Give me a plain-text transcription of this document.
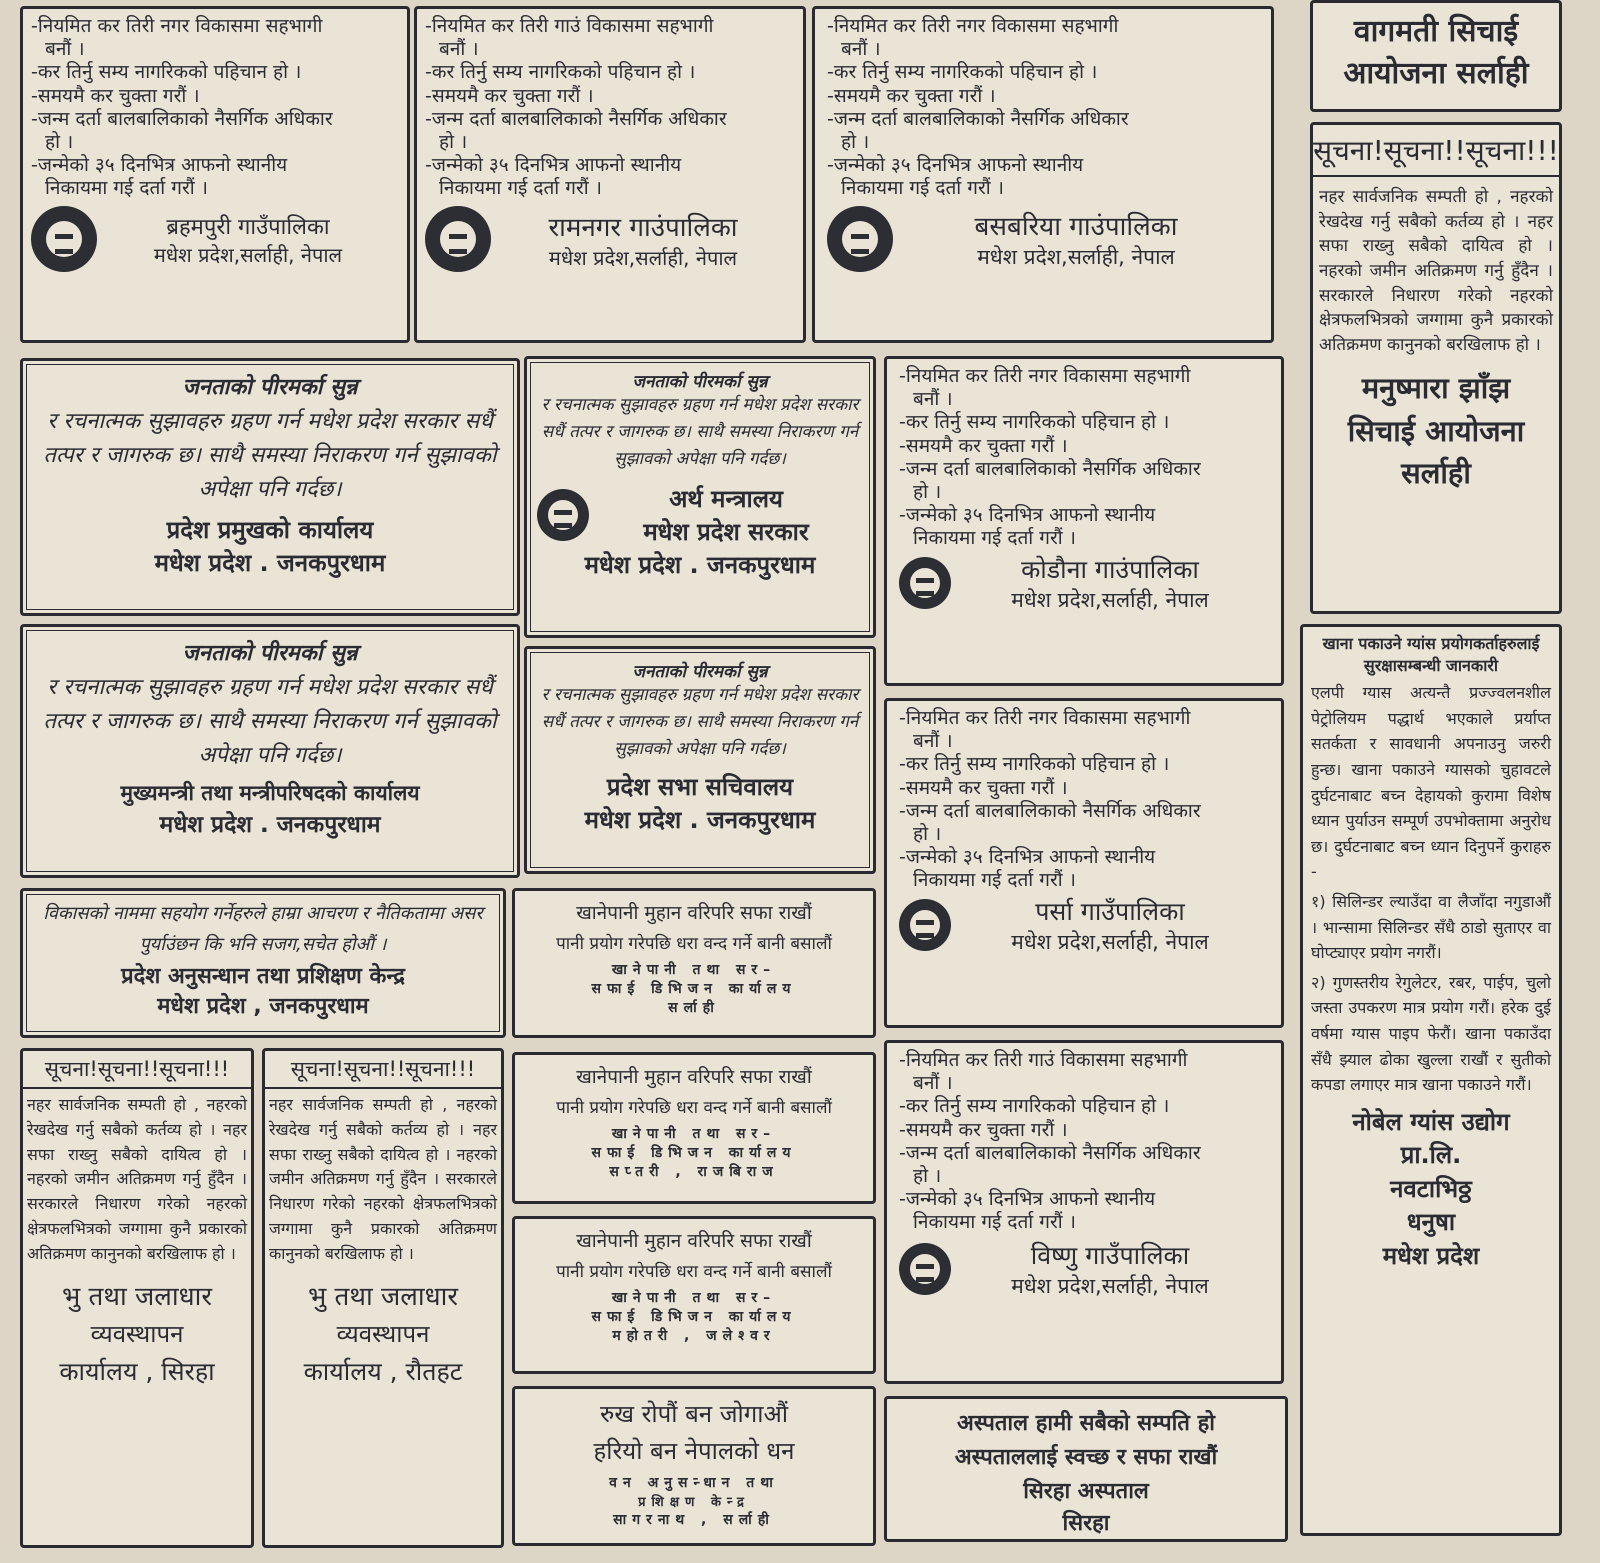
-नियमित कर तिरी नगर विकासमा सहभागी
बनौं ।
-कर तिर्नु सम्य नागरिकको पहिचान हो ।
-समयमै कर चुक्ता गरौं ।
-जन्म दर्ता बालबालिकाको नैसर्गिक अधिकार
हो ।
-जन्मेको ३५ दिनभित्र आफनो स्थानीय
निकायमा गई दर्ता गरौं ।
ब्रहमपुरी गाउँपालिका
मधेश प्रदेश,सर्लाही, नेपाल
-नियमित कर तिरी गाउं विकासमा सहभागी
बनौं ।
-कर तिर्नु सम्य नागरिकको पहिचान हो ।
-समयमै कर चुक्ता गरौं ।
-जन्म दर्ता बालबालिकाको नैसर्गिक अधिकार
हो ।
-जन्मेको ३५ दिनभित्र आफनो स्थानीय
निकायमा गई दर्ता गरौं ।
रामनगर गाउंपालिका
मधेश प्रदेश,सर्लाही, नेपाल
-नियमित कर तिरी नगर विकासमा सहभागी
बनौं ।
-कर तिर्नु सम्य नागरिकको पहिचान हो ।
-समयमै कर चुक्ता गरौं ।
-जन्म दर्ता बालबालिकाको नैसर्गिक अधिकार
हो ।
-जन्मेको ३५ दिनभित्र आफनो स्थानीय
निकायमा गई दर्ता गरौं ।
बसबरिया गाउंपालिका
मधेश प्रदेश,सर्लाही, नेपाल
वागमती सिचाई
आयोजना सर्लाही
सूचना!सूचना!!सूचना!!!
नहर सार्वजनिक सम्पती हो , नहरको रेखदेख गर्नु सबैको कर्तव्य हो । नहर सफा राख्नु सबैको दायित्व हो । नहरको जमीन अतिक्रमण गर्नु हुँदैन । सरकारले निधारण गरेको नहरको क्षेत्रफलभित्रको जग्गामा कुनै प्रकारको अतिक्रमण कानुनको बरखिलाफ हो ।
मनुष्मारा झाँझ
सिचाई आयोजना
सर्लाही
जनताको पीरमर्का सुन्न
र रचनात्मक सुझावहरु ग्रहण गर्न मधेश प्रदेश सरकार सधैं तत्पर र जागरुक छ। साथै समस्या निराकरण गर्न सुझावको अपेक्षा पनि गर्दछ।
प्रदेश प्रमुखको कार्यालय
मधेश प्रदेश . जनकपुरधाम
जनताको पीरमर्का सुन्न
र रचनात्मक सुझावहरु ग्रहण गर्न मधेश प्रदेश सरकार सधैं तत्पर र जागरुक छ। साथै समस्या निराकरण गर्न सुझावको अपेक्षा पनि गर्दछ।
अर्थ मन्त्रालय
मधेश प्रदेश सरकार
मधेश प्रदेश . जनकपुरधाम
-नियमित कर तिरी नगर विकासमा सहभागी
बनौं ।
-कर तिर्नु सम्य नागरिकको पहिचान हो ।
-समयमै कर चुक्ता गरौं ।
-जन्म दर्ता बालबालिकाको नैसर्गिक अधिकार
हो ।
-जन्मेको ३५ दिनभित्र आफनो स्थानीय
निकायमा गई दर्ता गरौं ।
कोडौना गाउंपालिका
मधेश प्रदेश,सर्लाही, नेपाल
जनताको पीरमर्का सुन्न
र रचनात्मक सुझावहरु ग्रहण गर्न मधेश प्रदेश सरकार सधैं तत्पर र जागरुक छ। साथै समस्या निराकरण गर्न सुझावको अपेक्षा पनि गर्दछ।
मुख्यमन्त्री तथा मन्त्रीपरिषदको कार्यालय
मधेश प्रदेश . जनकपुरधाम
जनताको पीरमर्का सुन्न
र रचनात्मक सुझावहरु ग्रहण गर्न मधेश प्रदेश सरकार सधैं तत्पर र जागरुक छ। साथै समस्या निराकरण गर्न सुझावको अपेक्षा पनि गर्दछ।
प्रदेश सभा सचिवालय
मधेश प्रदेश . जनकपुरधाम
-नियमित कर तिरी नगर विकासमा सहभागी
बनौं ।
-कर तिर्नु सम्य नागरिकको पहिचान हो ।
-समयमै कर चुक्ता गरौं ।
-जन्म दर्ता बालबालिकाको नैसर्गिक अधिकार
हो ।
-जन्मेको ३५ दिनभित्र आफनो स्थानीय
निकायमा गई दर्ता गरौं ।
पर्सा गाउँपालिका
मधेश प्रदेश,सर्लाही, नेपाल
खाना पकाउने ग्यांस प्रयोगकर्ताहरुलाई सुरक्षासम्बन्धी जानकारी
एलपी ग्यास अत्यन्तै प्रज्ज्वलनशील पेट्रोलियम पद्धार्थ भएकाले प्रर्याप्त सतर्कता र सावधानी अपनाउनु जरुरी हुन्छ। खाना पकाउने ग्यासको चुहावटले दुर्घटनाबाट बच्न देहायको कुरामा विशेष ध्यान पुर्याउन सम्पूर्ण उपभोक्तामा अनुरोध छ। दुर्घटनाबाट बच्न ध्यान दिनुपर्ने कुराहरु -
१) सिलिन्डर ल्याउँदा वा लैजाँदा नगुडाऔं । भान्सामा सिलिन्डर सँधै ठाडो सुताएर वा घोप्ट्याएर प्रयोग नगरौं।
२) गुणस्तरीय रेगुलेटर, रबर, पाईप, चुलो जस्ता उपकरण मात्र प्रयोग गरौं। हरेक दुई वर्षमा ग्यास पाइप फेरौं। खाना पकाउँदा सँधै झ्याल ढोका खुल्ला राखौं र सुतीको कपडा लगाएर मात्र खाना पकाउने गरौं।
नोबेल ग्यांस उद्योग
प्रा.लि.
नवटाभिठ्ठ
धनुषा
मधेश प्रदेश
विकासको नाममा सहयोग गर्नेहरुले हाम्रा आचरण र नैतिकतामा असर पुर्याउंछन कि भनि सजग,सचेत होऔं ।
प्रदेश अनुसन्धान तथा प्रशिक्षण केन्द्र
मधेश प्रदेश , जनकपुरधाम
खानेपानी मुहान वरिपरि सफा राखौं
पानी प्रयोग गरेपछि धरा वन्द गर्ने बानी बसालौं
खानेपानी तथा सर–
सफाई डिभिजन कार्यालय
सर्लाही
खानेपानी मुहान वरिपरि सफा राखौं
पानी प्रयोग गरेपछि धरा वन्द गर्ने बानी बसालौं
खानेपानी तथा सर–
सफाई डिभिजन कार्यालय
सप्तरी , राजबिराज
खानेपानी मुहान वरिपरि सफा राखौं
पानी प्रयोग गरेपछि धरा वन्द गर्ने बानी बसालौं
खानेपानी तथा सर–
सफाई डिभिजन कार्यालय
महोतरी , जलेश्वर
-नियमित कर तिरी गाउं विकासमा सहभागी
बनौं ।
-कर तिर्नु सम्य नागरिकको पहिचान हो ।
-समयमै कर चुक्ता गरौं ।
-जन्म दर्ता बालबालिकाको नैसर्गिक अधिकार
हो ।
-जन्मेको ३५ दिनभित्र आफनो स्थानीय
निकायमा गई दर्ता गरौं ।
विष्णु गाउँपालिका
मधेश प्रदेश,सर्लाही, नेपाल
सूचना!सूचना!!सूचना!!!
नहर सार्वजनिक सम्पती हो , नहरको रेखदेख गर्नु सबैको कर्तव्य हो । नहर सफा राख्नु सबैको दायित्व हो । नहरको जमीन अतिक्रमण गर्नु हुँदैन । सरकारले निधारण गरेको नहरको क्षेत्रफलभित्रको जग्गामा कुनै प्रकारको अतिक्रमण कानुनको बरखिलाफ हो ।
भु तथा जलाधार
व्यवस्थापन
कार्यालय , सिरहा
सूचना!सूचना!!सूचना!!!
नहर सार्वजनिक सम्पती हो , नहरको रेखदेख गर्नु सबैको कर्तव्य हो । नहर सफा राख्नु सबैको दायित्व हो । नहरको जमीन अतिक्रमण गर्नु हुँदैन । सरकारले निधारण गरेको नहरको क्षेत्रफलभित्रको जग्गामा कुनै प्रकारको अतिक्रमण कानुनको बरखिलाफ हो ।
भु तथा जलाधार
व्यवस्थापन
कार्यालय , रौतहट
रुख रोपौं बन जोगाऔं
हरियो बन नेपालको धन
वन अनुसन्धान तथा
प्रशिक्षण केन्द्र
सागरनाथ , सर्लाही
अस्पताल हामी सबैको सम्पति हो
अस्पताललाई स्वच्छ र सफा राखौं
सिरहा अस्पताल
सिरहा
